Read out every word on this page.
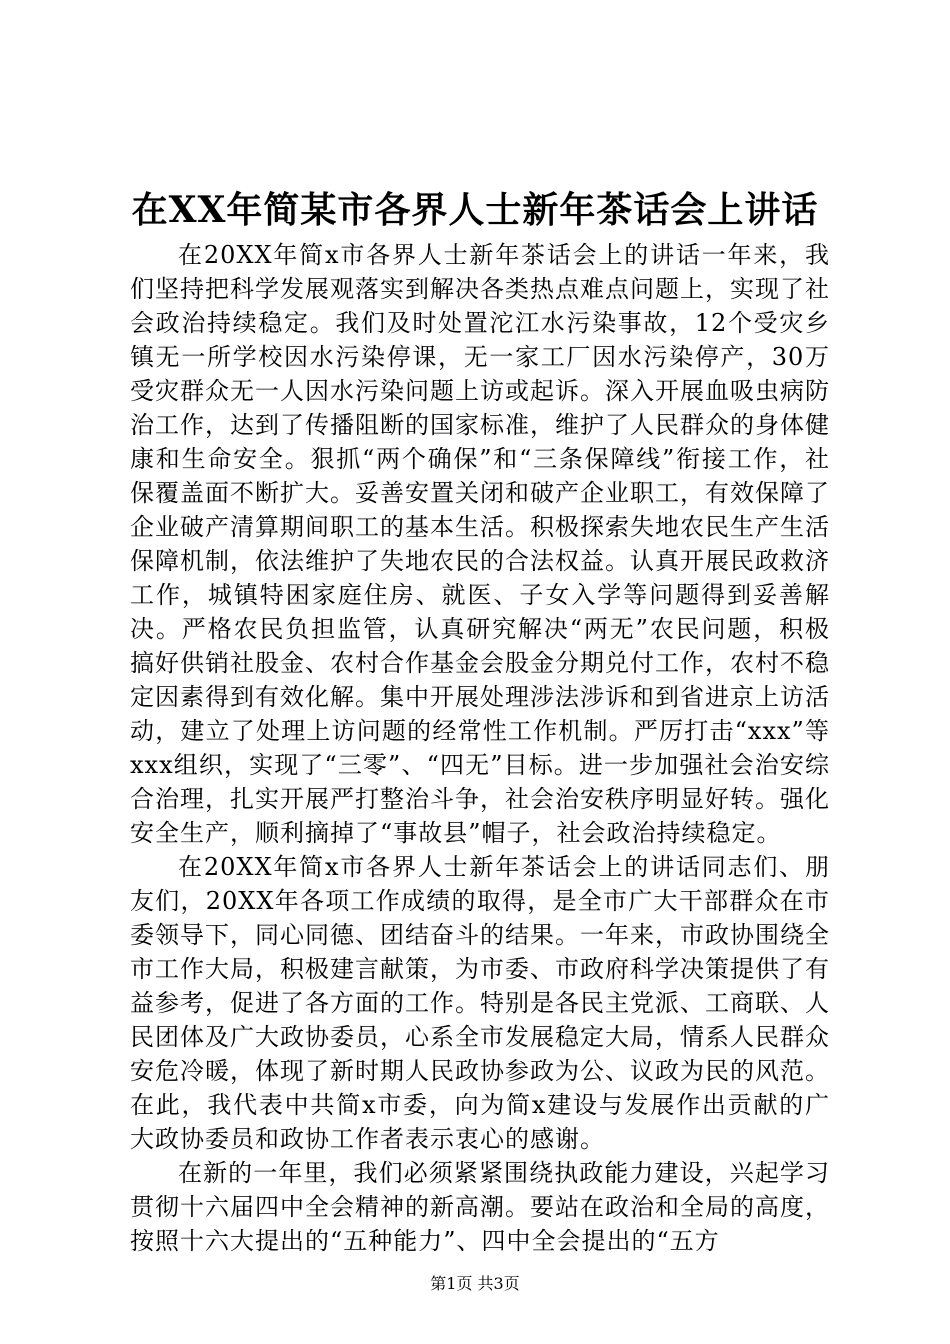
在XX年简某市各界人士新年茶话会上讲话

在20XX年简x市各界人士新年茶话会上的讲话一年来，我们坚持把科学发展观落实到解决各类热点难点问题上，实现了社会政治持续稳定。我们及时处置沱江水污染事故，12个受灾乡镇无一所学校因水污染停课，无一家工厂因水污染停产，30万受灾群众无一人因水污染问题上访或起诉。深入开展血吸虫病防治工作，达到了传播阻断的国家标准，维护了人民群众的身体健康和生命安全。狠抓“两个确保”和“三条保障线”衔接工作，社保覆盖面不断扩大。妥善安置关闭和破产企业职工，有效保障了企业破产清算期间职工的基本生活。积极探索失地农民生产生活保障机制，依法维护了失地农民的合法权益。认真开展民政救济工作，城镇特困家庭住房、就医、子女入学等问题得到妥善解决。严格农民负担监管，认真研究解决“两无”农民问题，积极搞好供销社股金、农村合作基金会股金分期兑付工作，农村不稳定因素得到有效化解。集中开展处理涉法涉诉和到省进京上访活动，建立了处理上访问题的经常性工作机制。严厉打击“xxx”等xxx组织，实现了“三零”、“四无”目标。进一步加强社会治安综合治理，扎实开展严打整治斗争，社会治安秩序明显好转。强化安全生产，顺利摘掉了“事故县”帽子，社会政治持续稳定。

在20XX年简x市各界人士新年茶话会上的讲话同志们、朋友们，20XX年各项工作成绩的取得，是全市广大干部群众在市委领导下，同心同德、团结奋斗的结果。一年来，市政协围绕全市工作大局，积极建言献策，为市委、市政府科学决策提供了有益参考，促进了各方面的工作。特别是各民主党派、工商联、人民团体及广大政协委员，心系全市发展稳定大局，情系人民群众安危冷暖，体现了新时期人民政协参政为公、议政为民的风范。在此，我代表中共简x市委，向为简x建设与发展作出贡献的广大政协委员和政协工作者表示衷心的感谢。

在新的一年里，我们必须紧紧围绕执政能力建设，兴起学习贯彻十六届四中全会精神的新高潮。要站在政治和全局的高度，按照十六大提出的“五种能力”、四中全会提出的“五方

第1页 共3页
